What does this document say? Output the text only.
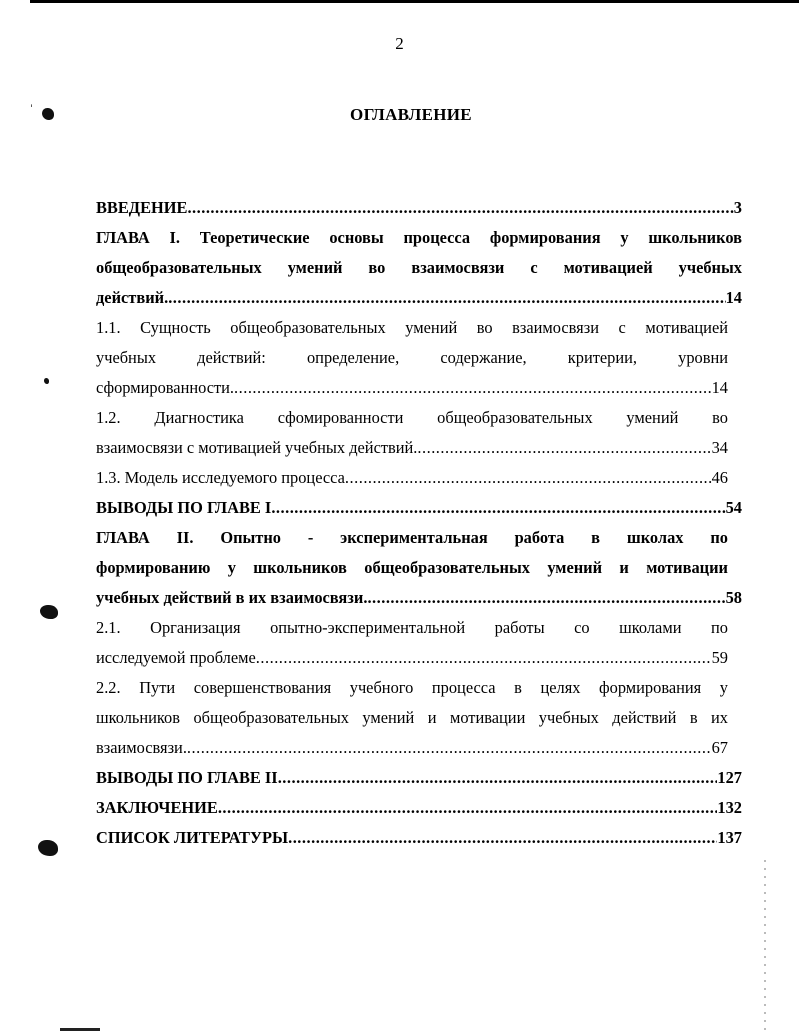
2
ОГЛАВЛЕНИЕ
ˈ
ВВЕДЕНИЕ .....	3
ГЛАВА I. Теоретические основы процесса формирования у школьников
общеобразовательных умений во взаимосвязи с мотивацией учебных
действий. .....	14
1.1. Сущность общеобразовательных умений во взаимосвязи с мотивацией
учебных действий: определение, содержание, критерии, уровни
сформированности. .....	14
1.2. Диагностика сфомированности общеобразовательных умений во
взаимосвязи с мотивацией учебных действий. .....	34
1.3. Модель исследуемого процесса .....	46
ВЫВОДЫ ПО ГЛАВЕ I .....	54
ГЛАВА II. Опытно - экспериментальная работа в школах по
формированию у школьников общеобразовательных умений и мотивации
учебных действий в их взаимосвязи. .....	58
2.1. Организация опытно-экспериментальной работы со школами по
исследуемой проблеме .....	59
2.2. Пути совершенствования учебного процесса в целях формирования у
школьников общеобразовательных умений и мотивации учебных действий в их
взаимосвязи. .....	67
ВЫВОДЫ ПО ГЛАВЕ II .....	127
ЗАКЛЮЧЕНИЕ .....	132
СПИСОК ЛИТЕРАТУРЫ .....	137
